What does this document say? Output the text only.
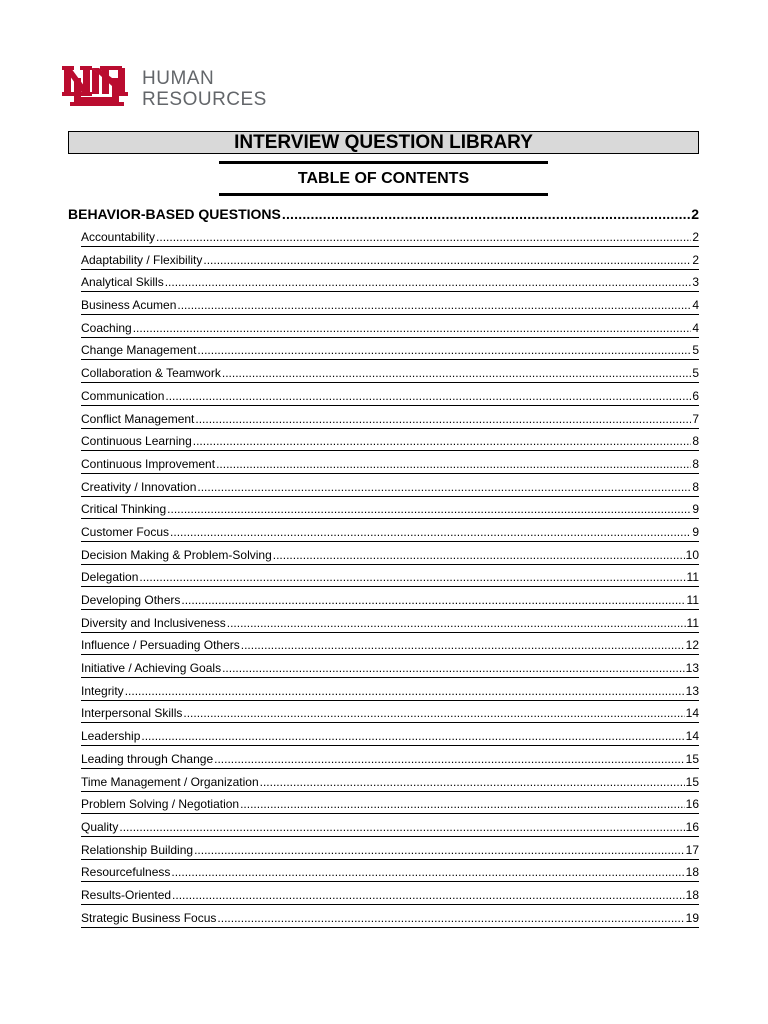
HUMAN
RESOURCES
INTERVIEW QUESTION LIBRARY
TABLE OF CONTENTS
BEHAVIOR-BASED QUESTIONS .....	2
Accountability .....	2
Adaptability / Flexibility .....	2
Analytical Skills .....	3
Business Acumen .....	4
Coaching .....	4
Change Management .....	5
Collaboration & Teamwork .....	5
Communication .....	6
Conflict Management .....	7
Continuous Learning .....	8
Continuous Improvement .....	8
Creativity / Innovation .....	8
Critical Thinking .....	9
Customer Focus .....	9
Decision Making & Problem-Solving .....	10
Delegation .....	11
Developing Others .....	11
Diversity and Inclusiveness .....	11
Influence / Persuading Others .....	12
Initiative / Achieving Goals .....	13
Integrity .....	13
Interpersonal Skills .....	14
Leadership .....	14
Leading through Change .....	15
Time Management / Organization .....	15
Problem Solving / Negotiation .....	16
Quality .....	16
Relationship Building .....	17
Resourcefulness .....	18
Results-Oriented .....	18
Strategic Business Focus .....	19
